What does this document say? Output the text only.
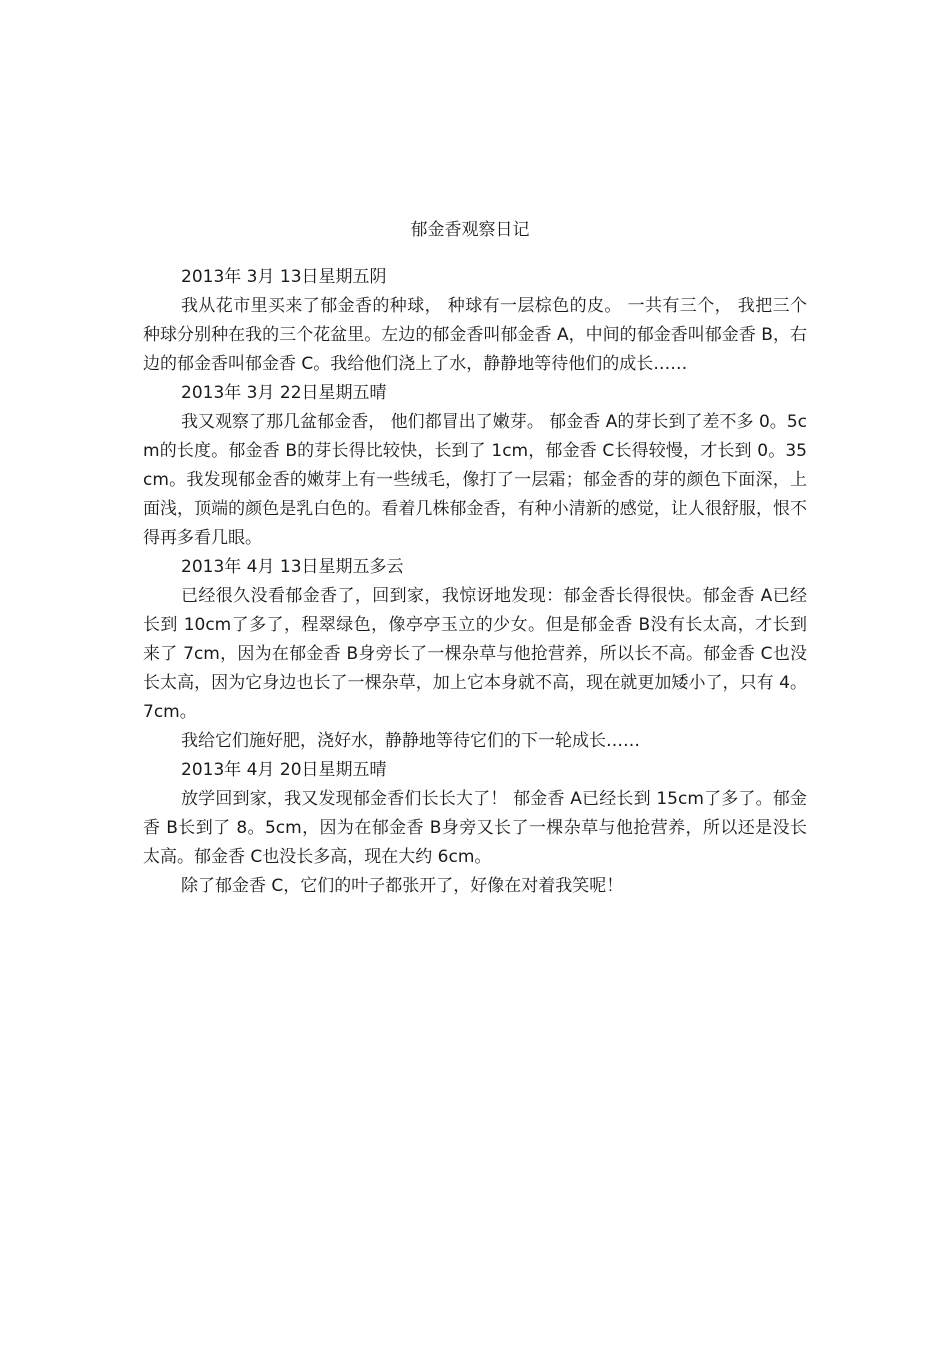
郁金香观察日记
2013年 3月 13日星期五阴
我从花市里买来了郁金香的种球， 种球有一层棕色的皮。 一共有三个， 我把三个种球分别种在我的三个花盆里。左边的郁金香叫郁金香 A，中间的郁金香叫郁金香 B，右边的郁金香叫郁金香 C。我给他们浇上了水，静静地等待他们的成长……
2013年 3月 22日星期五晴
我又观察了那几盆郁金香， 他们都冒出了嫩芽。 郁金香 A的芽长到了差不多 0。5cm的长度。郁金香 B的芽长得比较快，长到了 1cm，郁金香 C长得较慢，才长到 0。35cm。我发现郁金香的嫩芽上有一些绒毛，像打了一层霜；郁金香的芽的颜色下面深，上面浅，顶端的颜色是乳白色的。看着几株郁金香，有种小清新的感觉，让人很舒服，恨不得再多看几眼。
2013年 4月 13日星期五多云
已经很久没看郁金香了，回到家，我惊讶地发现：郁金香长得很快。郁金香 A已经长到 10cm了多了，程翠绿色，像亭亭玉立的少女。但是郁金香 B没有长太高，才长到来了 7cm，因为在郁金香 B身旁长了一棵杂草与他抢营养，所以长不高。郁金香 C也没长太高，因为它身边也长了一棵杂草，加上它本身就不高，现在就更加矮小了，只有 4。7cm。
我给它们施好肥，浇好水，静静地等待它们的下一轮成长……
2013年 4月 20日星期五晴
放学回到家，我又发现郁金香们长长大了！ 郁金香 A已经长到 15cm了多了。郁金香 B长到了 8。5cm，因为在郁金香 B身旁又长了一棵杂草与他抢营养，所以还是没长太高。郁金香 C也没长多高，现在大约 6cm。
除了郁金香 C，它们的叶子都张开了，好像在对着我笑呢！
